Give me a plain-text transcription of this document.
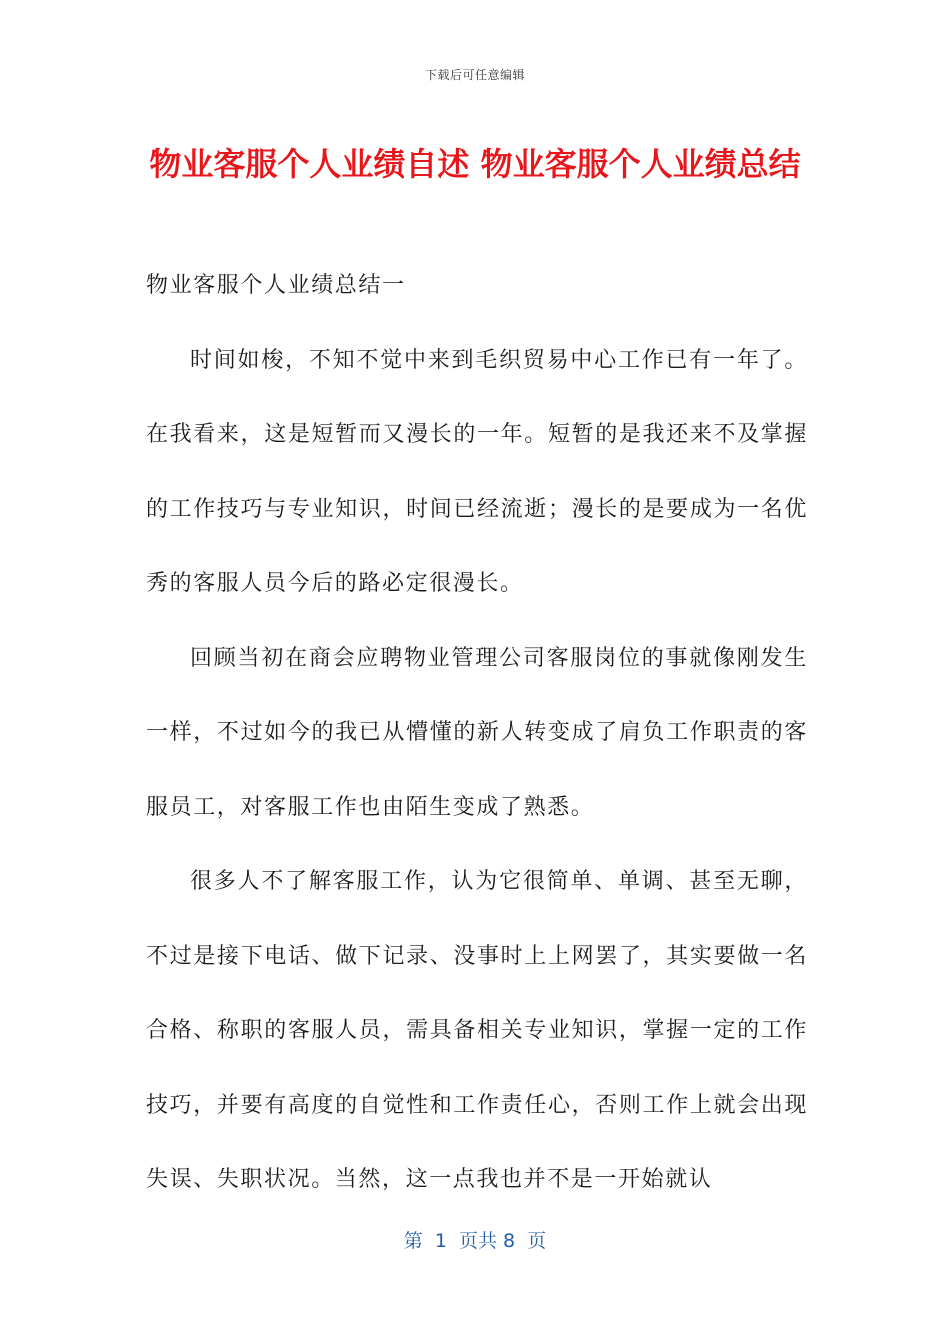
下载后可任意编辑
物业客服个人业绩自述 物业客服个人业绩总结

物业客服个人业绩总结一

时间如梭，不知不觉中来到毛织贸易中心工作已有一年了。在我看来，这是短暂而又漫长的一年。短暂的是我还来不及掌握的工作技巧与专业知识，时间已经流逝；漫长的是要成为一名优秀的客服人员今后的路必定很漫长。

回顾当初在商会应聘物业管理公司客服岗位的事就像刚发生一样，不过如今的我已从懵懂的新人转变成了肩负工作职责的客服员工，对客服工作也由陌生变成了熟悉。

很多人不了解客服工作，认为它很简单、单调、甚至无聊，不过是接下电话、做下记录、没事时上上网罢了，其实要做一名合格、称职的客服人员，需具备相关专业知识，掌握一定的工作技巧，并要有高度的自觉性和工作责任心，否则工作上就会出现失误、失职状况。当然，这一点我也并不是一开始就认

第  1  页共 8  页
